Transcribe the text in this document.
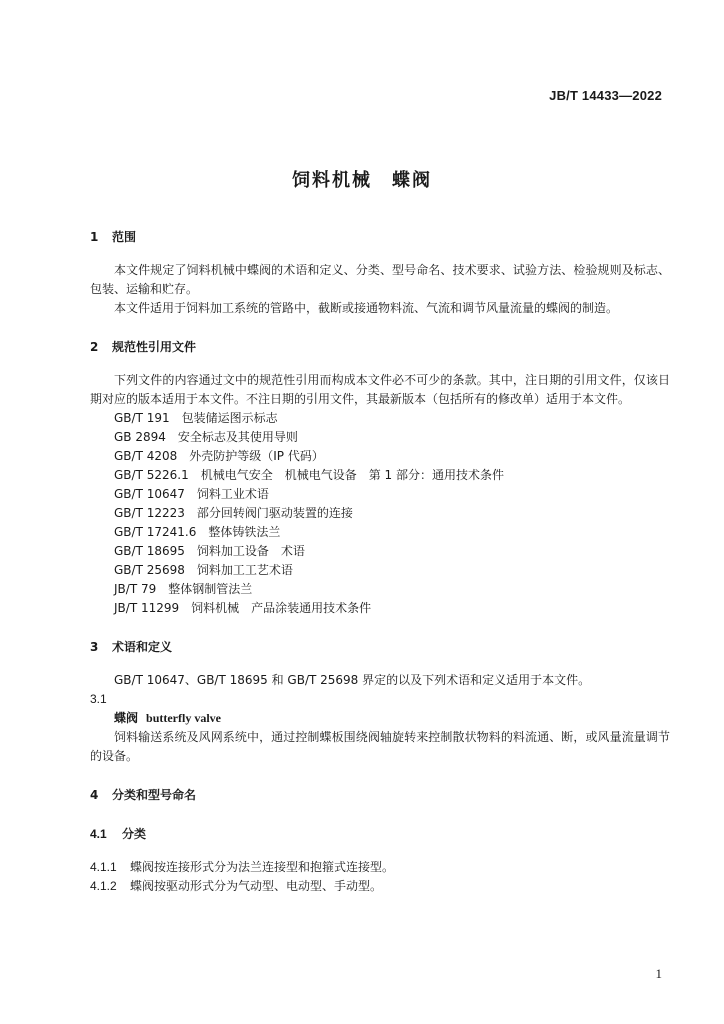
JB/T 14433—2022
饲料机械　蝶阀

1 范围

本文件规定了饲料机械中蝶阀的术语和定义、分类、型号命名、技术要求、试验方法、检验规则及标志、包装、运输和贮存。

本文件适用于饲料加工系统的管路中，截断或接通物料流、气流和调节风量流量的蝶阀的制造。

2 规范性引用文件

下列文件的内容通过文中的规范性引用而构成本文件必不可少的条款。其中，注日期的引用文件，仅该日期对应的版本适用于本文件。不注日期的引用文件，其最新版本（包括所有的修改单）适用于本文件。

GB/T 191　包装储运图示标志

GB 2894　安全标志及其使用导则

GB/T 4208　外壳防护等级（IP 代码）

GB/T 5226.1　机械电气安全　机械电气设备　第 1 部分：通用技术条件

GB/T 10647　饲料工业术语

GB/T 12223　部分回转阀门驱动装置的连接

GB/T 17241.6　整体铸铁法兰

GB/T 18695　饲料加工设备　术语

GB/T 25698　饲料加工工艺术语

JB/T 79　整体钢制管法兰

JB/T 11299　饲料机械　产品涂装通用技术条件

3 术语和定义

GB/T 10647、GB/T 18695 和 GB/T 25698 界定的以及下列术语和定义适用于本文件。

3.1

蝶阀 butterfly valve

饲料输送系统及风网系统中，通过控制蝶板围绕阀轴旋转来控制散状物料的料流通、断，或风量流量调节的设备。

4 分类和型号命名

4.1 分类

4.1.1 蝶阀按连接形式分为法兰连接型和抱箍式连接型。

4.1.2 蝶阀按驱动形式分为气动型、电动型、手动型。

1
